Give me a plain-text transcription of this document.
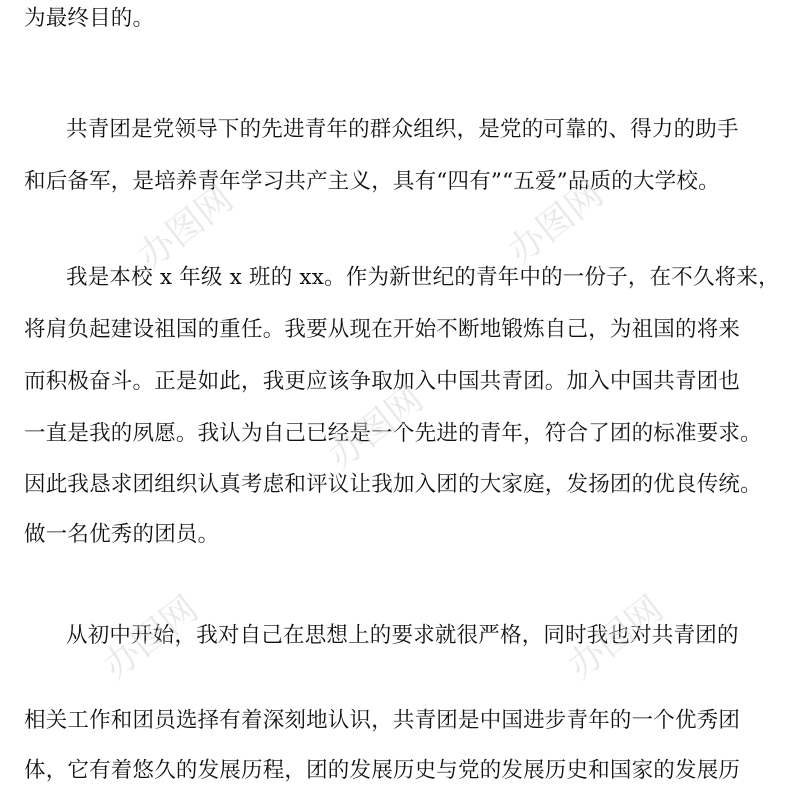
为最终目的。
共青团是党领导下的先进青年的群众组织，是党的可靠的、得力的助手
和后备军，是培养青年学习共产主义，具有“四有”“五爱”品质的大学校。
我是本校 x 年级 x 班的 xx。作为新世纪的青年中的一份子，在不久将来，
将肩负起建设祖国的重任。我要从现在开始不断地锻炼自己，为祖国的将来
而积极奋斗。正是如此，我更应该争取加入中国共青团。加入中国共青团也
一直是我的夙愿。我认为自己已经是一个先进的青年，符合了团的标准要求。
因此我恳求团组织认真考虑和评议让我加入团的大家庭，发扬团的优良传统。
做一名优秀的团员。
从初中开始，我对自己在思想上的要求就很严格，同时我也对共青团的
相关工作和团员选择有着深刻地认识，共青团是中国进步青年的一个优秀团
体，它有着悠久的发展历程，团的发展历史与党的发展历史和国家的发展历
办图网	办图网
办图网
办图网	办图网
